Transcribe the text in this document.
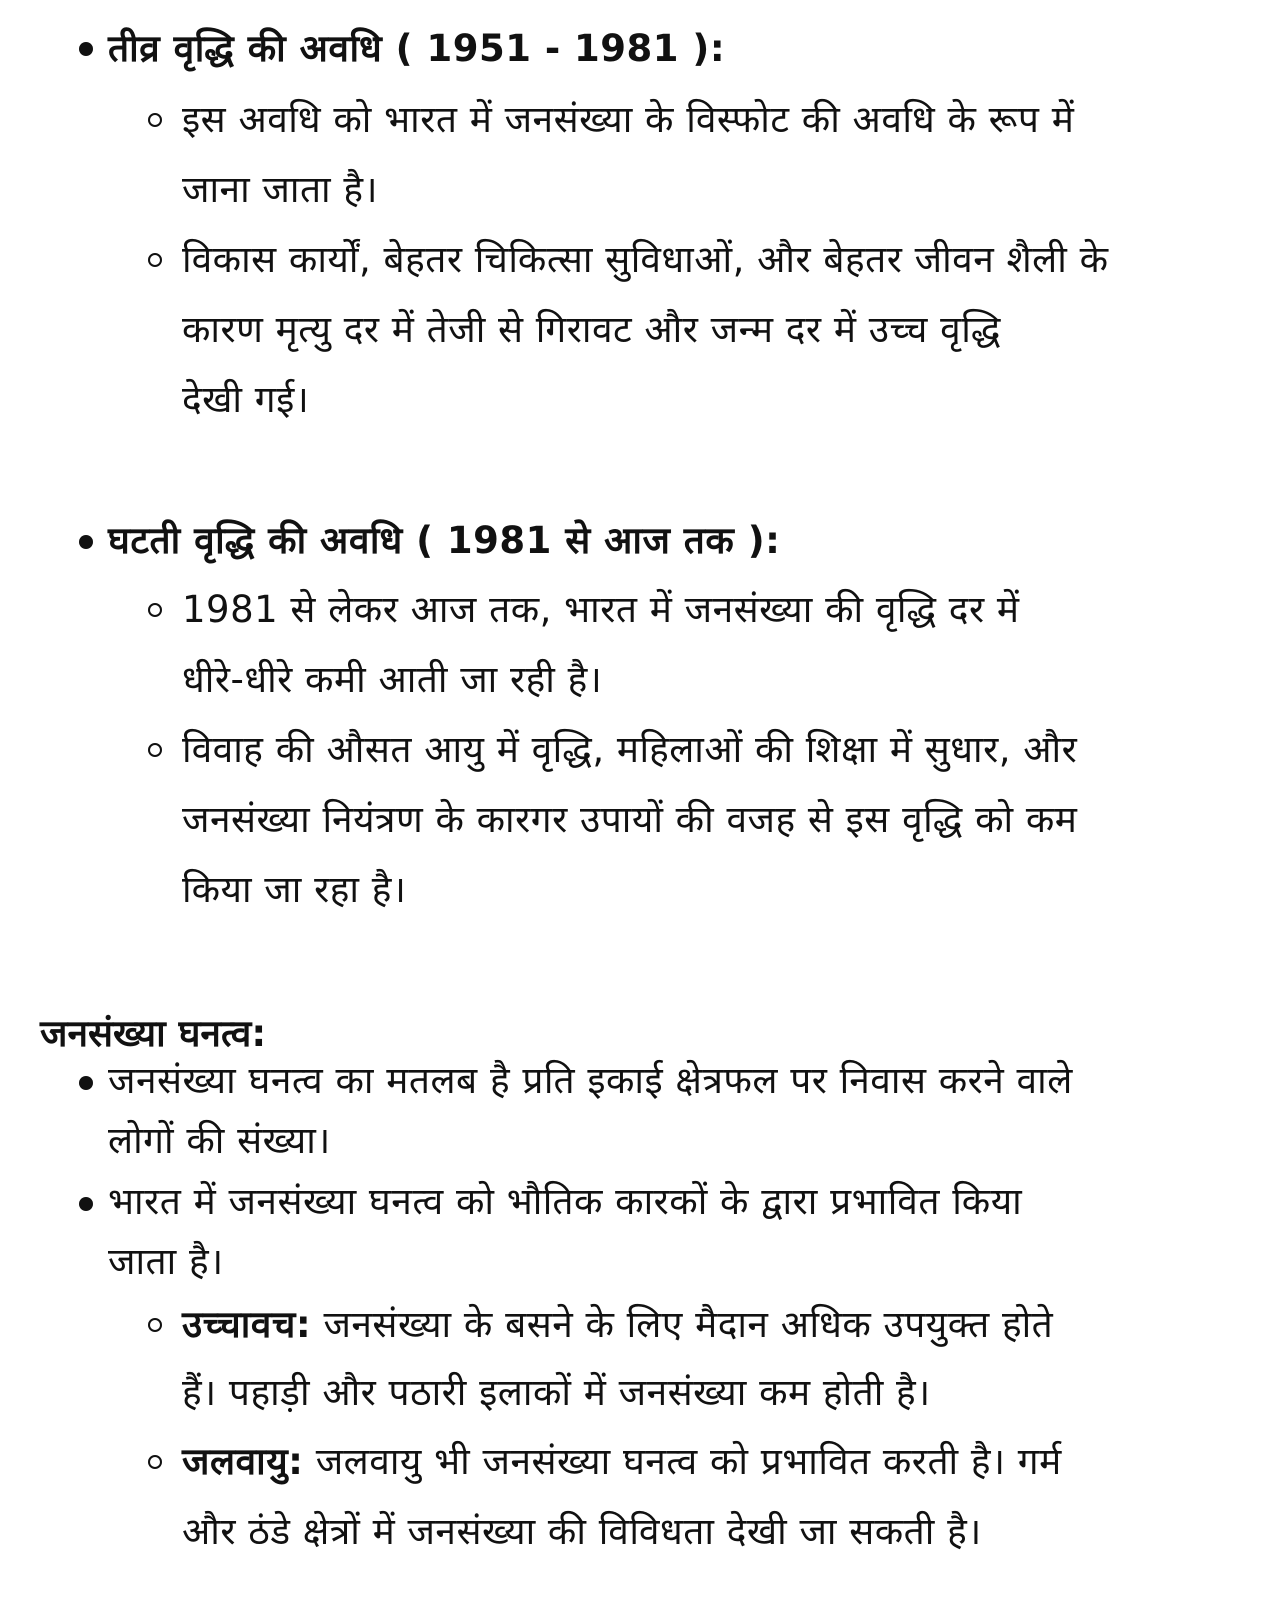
तीव्र वृद्धि की अवधि ( 1951 - 1981 ):
इस अवधि को भारत में जनसंख्या के विस्फोट की अवधि के रूप में
जाना जाता है।
विकास कार्यों, बेहतर चिकित्सा सुविधाओं, और बेहतर जीवन शैली के
कारण मृत्यु दर में तेजी से गिरावट और जन्म दर में उच्च वृद्धि
देखी गई।
घटती वृद्धि की अवधि ( 1981 से आज तक ):
1981 से लेकर आज तक, भारत में जनसंख्या की वृद्धि दर में
धीरे-धीरे कमी आती जा रही है।
विवाह की औसत आयु में वृद्धि, महिलाओं की शिक्षा में सुधार, और
जनसंख्या नियंत्रण के कारगर उपायों की वजह से इस वृद्धि को कम
किया जा रहा है।
जनसंख्या घनत्व:
जनसंख्या घनत्व का मतलब है प्रति इकाई क्षेत्रफल पर निवास करने वाले
लोगों की संख्या।
भारत में जनसंख्या घनत्व को भौतिक कारकों के द्वारा प्रभावित किया
जाता है।
उच्चावच: जनसंख्या के बसने के लिए मैदान अधिक उपयुक्त होते
हैं। पहाड़ी और पठारी इलाकों में जनसंख्या कम होती है।
जलवायु: जलवायु भी जनसंख्या घनत्व को प्रभावित करती है। गर्म
और ठंडे क्षेत्रों में जनसंख्या की विविधता देखी जा सकती है।
